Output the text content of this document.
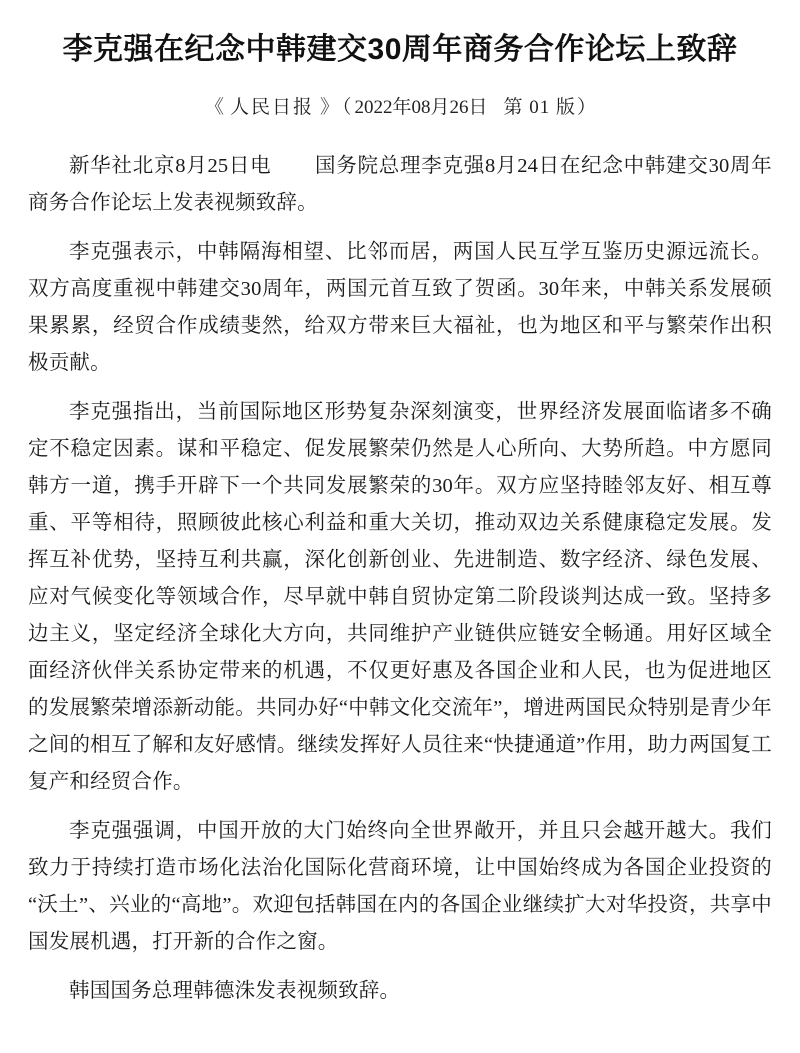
李克强在纪念中韩建交30周年商务合作论坛上致辞
《 人民日报 》 （ 2022年08月26日 第 01 版）

新华社北京8月25日电 国务院总理李克强8月24日在纪念中韩建交30周年商务合作论坛上发表视频致辞。

李克强表示，中韩隔海相望、比邻而居，两国人民互学互鉴历史源远流长。双方高度重视中韩建交30周年，两国元首互致了贺函。30年来，中韩关系发展硕果累累，经贸合作成绩斐然，给双方带来巨大福祉，也为地区和平与繁荣作出积极贡献。

李克强指出，当前国际地区形势复杂深刻演变，世界经济发展面临诸多不确定不稳定因素。谋和平稳定、促发展繁荣仍然是人心所向、大势所趋。中方愿同韩方一道，携手开辟下一个共同发展繁荣的30年。双方应坚持睦邻友好、相互尊重、平等相待，照顾彼此核心利益和重大关切，推动双边关系健康稳定发展。发挥互补优势，坚持互利共赢，深化创新创业、先进制造、数字经济、绿色发展、应对气候变化等领域合作，尽早就中韩自贸协定第二阶段谈判达成一致。坚持多边主义，坚定经济全球化大方向，共同维护产业链供应链安全畅通。用好区域全面经济伙伴关系协定带来的机遇，不仅更好惠及各国企业和人民，也为促进地区的发展繁荣增添新动能。共同办好“中韩文化交流年”，增进两国民众特别是青少年之间的相互了解和友好感情。继续发挥好人员往来“快捷通道”作用，助力两国复工复产和经贸合作。

李克强强调，中国开放的大门始终向全世界敞开，并且只会越开越大。我们致力于持续打造市场化法治化国际化营商环境，让中国始终成为各国企业投资的“沃土”、兴业的“高地”。欢迎包括韩国在内的各国企业继续扩大对华投资，共享中国发展机遇，打开新的合作之窗。

韩国国务总理韩德洙发表视频致辞。
